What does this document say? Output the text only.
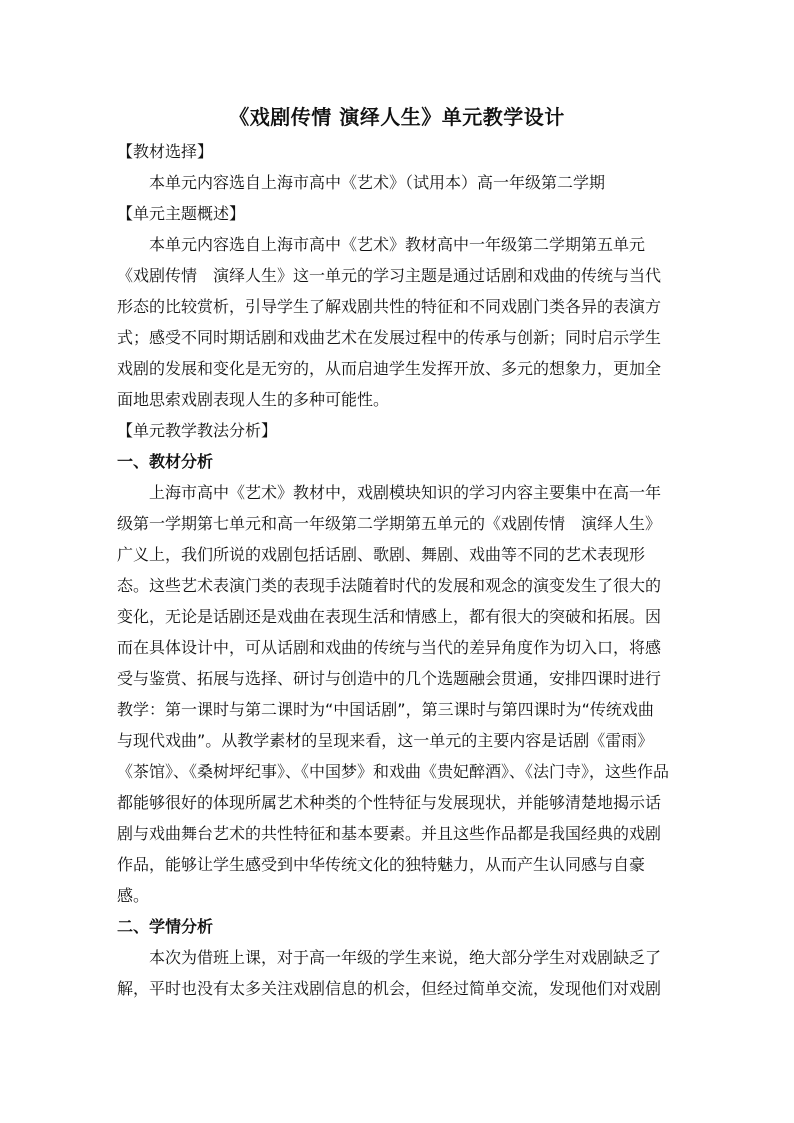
《戏剧传情 演绎人生》单元教学设计
【教材选择】
本单元内容选自上海市高中《艺术》（试用本）高一年级第二学期
【单元主题概述】
本单元内容选自上海市高中《艺术》教材高中一年级第二学期第五单元
《戏剧传情　演绎人生》这一单元的学习主题是通过话剧和戏曲的传统与当代
形态的比较赏析，引导学生了解戏剧共性的特征和不同戏剧门类各异的表演方
式；感受不同时期话剧和戏曲艺术在发展过程中的传承与创新；同时启示学生
戏剧的发展和变化是无穷的，从而启迪学生发挥开放、多元的想象力，更加全
面地思索戏剧表现人生的多种可能性。
【单元教学教法分析】
一、教材分析
上海市高中《艺术》教材中，戏剧模块知识的学习内容主要集中在高一年
级第一学期第七单元和高一年级第二学期第五单元的《戏剧传情　演绎人生》
广义上，我们所说的戏剧包括话剧、歌剧、舞剧、戏曲等不同的艺术表现形
态。这些艺术表演门类的表现手法随着时代的发展和观念的演变发生了很大的
变化，无论是话剧还是戏曲在表现生活和情感上，都有很大的突破和拓展。因
而在具体设计中，可从话剧和戏曲的传统与当代的差异角度作为切入口，将感
受与鉴赏、拓展与选择、研讨与创造中的几个选题融会贯通，安排四课时进行
教学：第一课时与第二课时为“中国话剧”，第三课时与第四课时为“传统戏曲
与现代戏曲”。从教学素材的呈现来看，这一单元的主要内容是话剧《雷雨》
《茶馆》、《桑树坪纪事》、《中国梦》和戏曲《贵妃醉酒》、《法门寺》，这些作品
都能够很好的体现所属艺术种类的个性特征与发展现状，并能够清楚地揭示话
剧与戏曲舞台艺术的共性特征和基本要素。并且这些作品都是我国经典的戏剧
作品，能够让学生感受到中华传统文化的独特魅力，从而产生认同感与自豪
感。
二、学情分析
本次为借班上课，对于高一年级的学生来说，绝大部分学生对戏剧缺乏了
解，平时也没有太多关注戏剧信息的机会，但经过简单交流，发现他们对戏剧
